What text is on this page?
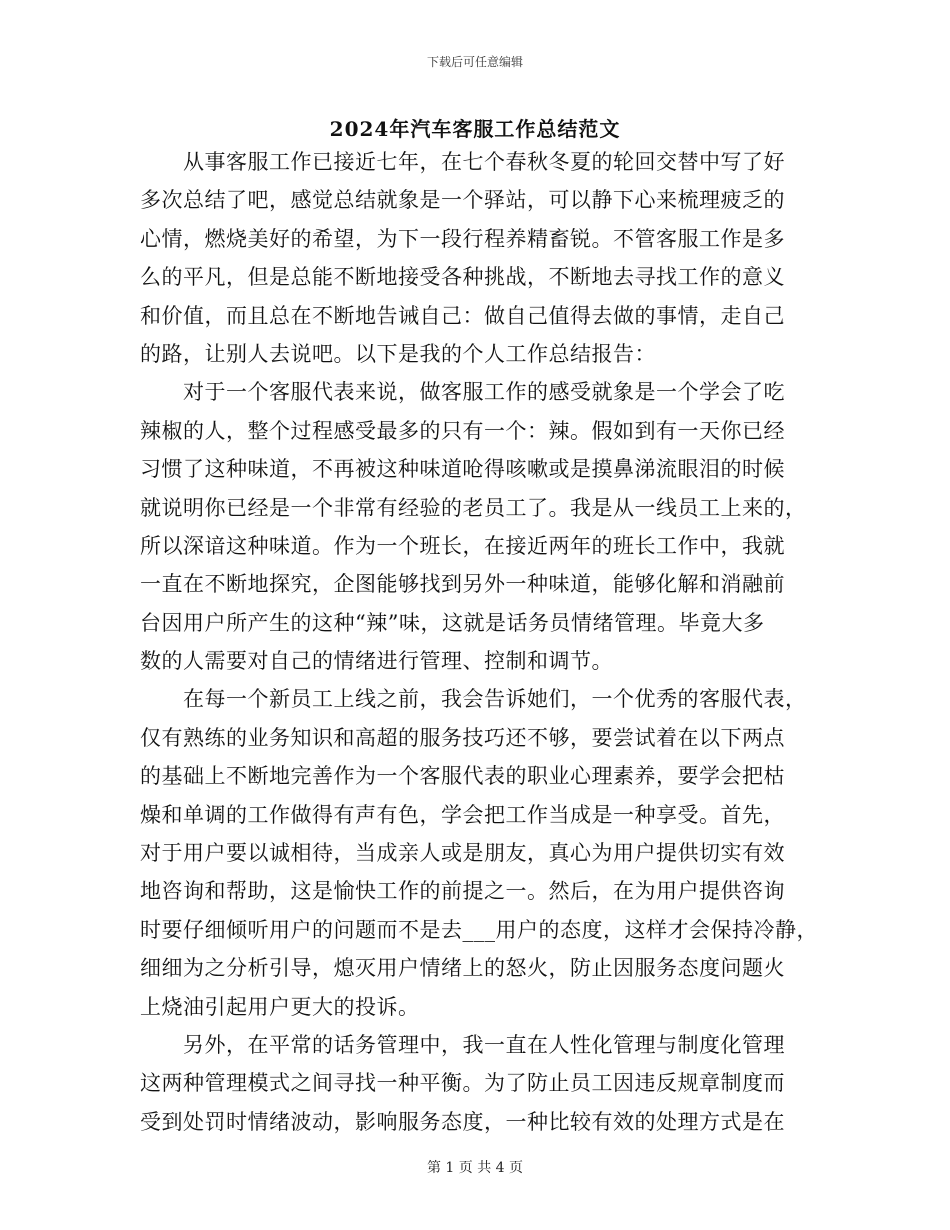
下载后可任意编辑
2024年汽车客服工作总结范文
　　从事客服工作已接近七年，在七个春秋冬夏的轮回交替中写了好
多次总结了吧，感觉总结就象是一个驿站，可以静下心来梳理疲乏的
心情，燃烧美好的希望，为下一段行程养精畜锐。不管客服工作是多
么的平凡，但是总能不断地接受各种挑战，不断地去寻找工作的意义
和价值，而且总在不断地告诫自己：做自己值得去做的事情，走自己
的路，让别人去说吧。以下是我的个人工作总结报告：
　　对于一个客服代表来说，做客服工作的感受就象是一个学会了吃
辣椒的人，整个过程感受最多的只有一个：辣。假如到有一天你已经
习惯了这种味道，不再被这种味道呛得咳嗽或是摸鼻涕流眼泪的时候
就说明你已经是一个非常有经验的老员工了。我是从一线员工上来的，
所以深谙这种味道。作为一个班长，在接近两年的班长工作中，我就
一直在不断地探究，企图能够找到另外一种味道，能够化解和消融前
台因用户所产生的这种“辣”味，这就是话务员情绪管理。毕竟大多
数的人需要对自己的情绪进行管理、控制和调节。
　　在每一个新员工上线之前，我会告诉她们，一个优秀的客服代表，
仅有熟练的业务知识和高超的服务技巧还不够，要尝试着在以下两点
的基础上不断地完善作为一个客服代表的职业心理素养，要学会把枯
燥和单调的工作做得有声有色，学会把工作当成是一种享受。首先，
对于用户要以诚相待，当成亲人或是朋友，真心为用户提供切实有效
地咨询和帮助，这是愉快工作的前提之一。然后，在为用户提供咨询
时要仔细倾听用户的问题而不是去___用户的态度，这样才会保持冷静，
细细为之分析引导，熄灭用户情绪上的怒火，防止因服务态度问题火
上烧油引起用户更大的投诉。
　　另外，在平常的话务管理中，我一直在人性化管理与制度化管理
这两种管理模式之间寻找一种平衡。为了防止员工因违反规章制度而
受到处罚时情绪波动，影响服务态度，一种比较有效的处理方式是在
第 1 页 共 4 页
